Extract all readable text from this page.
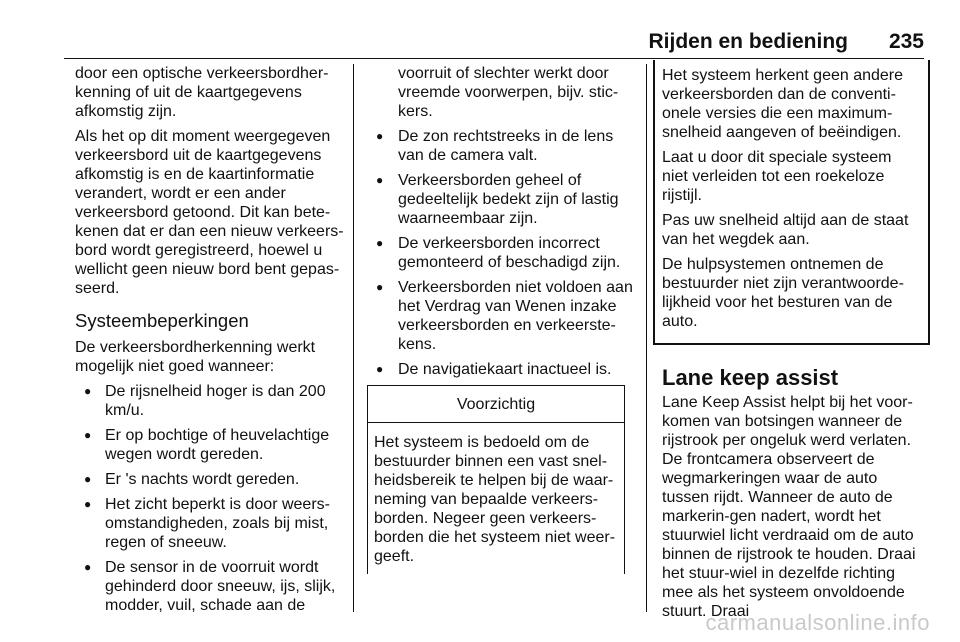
Rijden en bediening 235

door een optische verkeersbordher-kenning of uit de kaartgegevens afkomstig zijn.

Als het op dit moment weergegeven verkeersbord uit de kaartgegevens afkomstig is en de kaartinformatie verandert, wordt er een ander verkeersbord getoond. Dit kan bete-kenen dat er dan een nieuw verkeers-bord wordt geregistreerd, hoewel u wellicht geen nieuw bord bent gepas-seerd.

Systeembeperkingen

De verkeersbordherkenning werkt mogelijk niet goed wanneer:

● De rijsnelheid hoger is dan 200 km/u.
● Er op bochtige of heuvelachtige wegen wordt gereden.
● Er 's nachts wordt gereden.
● Het zicht beperkt is door weers-omstandigheden, zoals bij mist, regen of sneeuw.
● De sensor in de voorruit wordt gehinderd door sneeuw, ijs, slijk, modder, vuil, schade aan de
voorruit of slechter werkt door vreemde voorwerpen, bijv. stic-kers.
● De zon rechtstreeks in de lens van de camera valt.
● Verkeersborden geheel of gedeeltelijk bedekt zijn of lastig waarneembaar zijn.
● De verkeersborden incorrect gemonteerd of beschadigd zijn.
● Verkeersborden niet voldoen aan het Verdrag van Wenen inzake verkeersborden en verkeerste-kens.
● De navigatiekaart inactueel is.
Voorzichtig

Het systeem is bedoeld om de bestuurder binnen een vast snel-heidsbereik te helpen bij de waar-neming van bepaalde verkeers-borden. Negeer geen verkeers-borden die het systeem niet weer-geeft.

Het systeem herkent geen andere verkeersborden dan de conventi-onele versies die een maximum-snelheid aangeven of beëindigen.

Laat u door dit speciale systeem niet verleiden tot een roekeloze rijstijl.

Pas uw snelheid altijd aan de staat van het wegdek aan.

De hulpsystemen ontnemen de bestuurder niet zijn verantwoorde-lijkheid voor het besturen van de auto.

Lane keep assist

Lane Keep Assist helpt bij het voor-komen van botsingen wanneer de rijstrook per ongeluk werd verlaten. De frontcamera observeert de wegmarkeringen waar de auto tussen rijdt. Wanneer de auto de markerin-gen nadert, wordt het stuurwiel licht verdraaid om de auto binnen de rijstrook te houden. Draai het stuur-wiel in dezelfde richting mee als het systeem onvoldoende stuurt. Draai

carmanualsonline.info
